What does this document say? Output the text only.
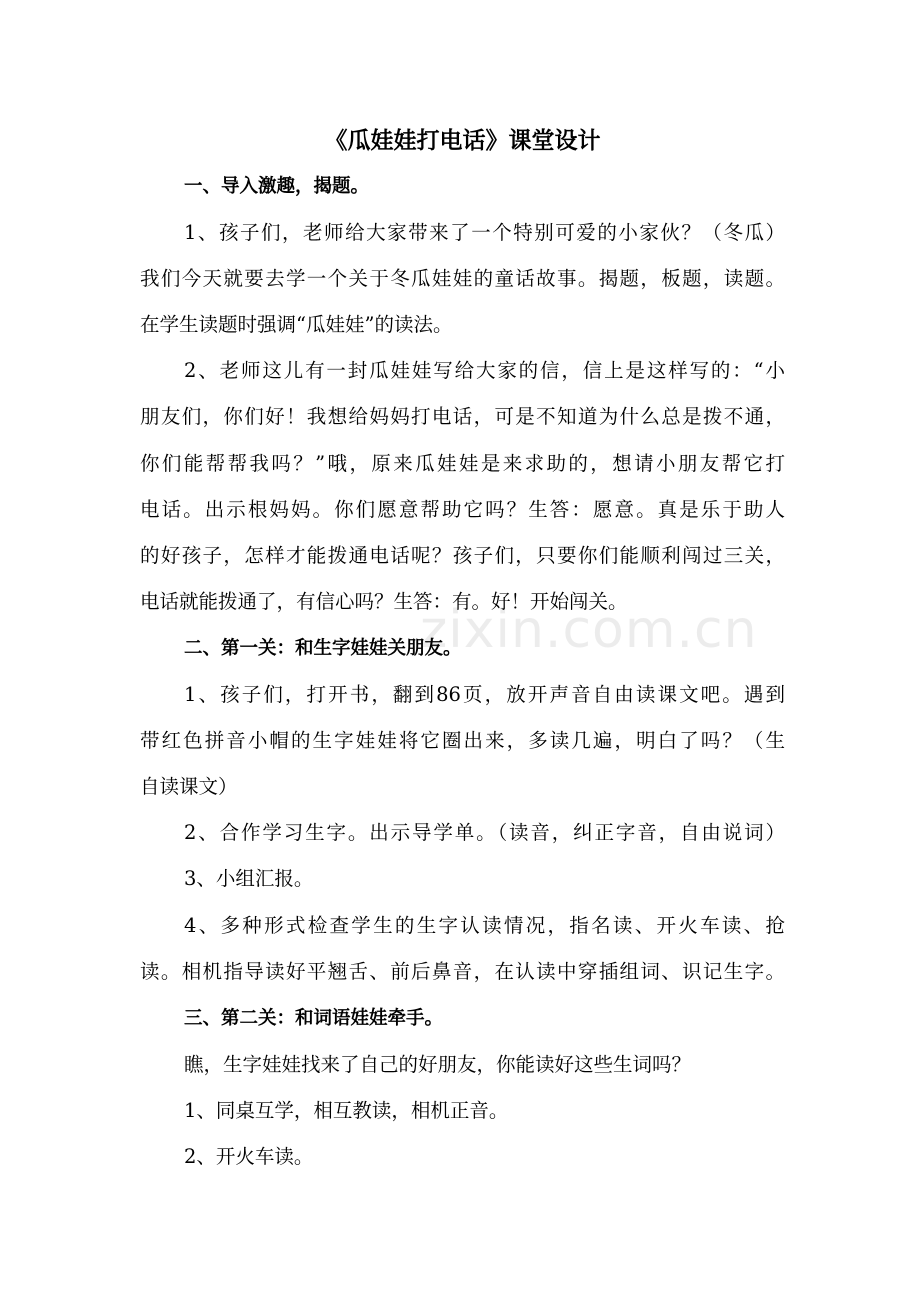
zixin.com.cn
《瓜娃娃打电话》课堂设计
一、导入激趣，揭题。
1、孩子们，老师给大家带来了一个特别可爱的小家伙？（冬瓜）
我们今天就要去学一个关于冬瓜娃娃的童话故事。揭题，板题，读题。
在学生读题时强调“瓜娃娃”的读法。
2、老师这儿有一封瓜娃娃写给大家的信，信上是这样写的：“小
朋友们，你们好！我想给妈妈打电话，可是不知道为什么总是拨不通，
你们能帮帮我吗？”哦，原来瓜娃娃是来求助的，想请小朋友帮它打
电话。出示根妈妈。你们愿意帮助它吗？生答：愿意。真是乐于助人
的好孩子，怎样才能拨通电话呢？孩子们，只要你们能顺利闯过三关，
电话就能拨通了，有信心吗？生答：有。好！开始闯关。
二、第一关：和生字娃娃关朋友。
1、孩子们，打开书，翻到86页，放开声音自由读课文吧。遇到
带红色拼音小帽的生字娃娃将它圈出来，多读几遍，明白了吗？（生
自读课文）
2、合作学习生字。出示导学单。（读音，纠正字音，自由说词）
3、小组汇报。
4、多种形式检查学生的生字认读情况，指名读、开火车读、抢
读。相机指导读好平翘舌、前后鼻音，在认读中穿插组词、识记生字。
三、第二关：和词语娃娃牵手。
瞧，生字娃娃找来了自己的好朋友，你能读好这些生词吗？
1、同桌互学，相互教读，相机正音。
2、开火车读。
